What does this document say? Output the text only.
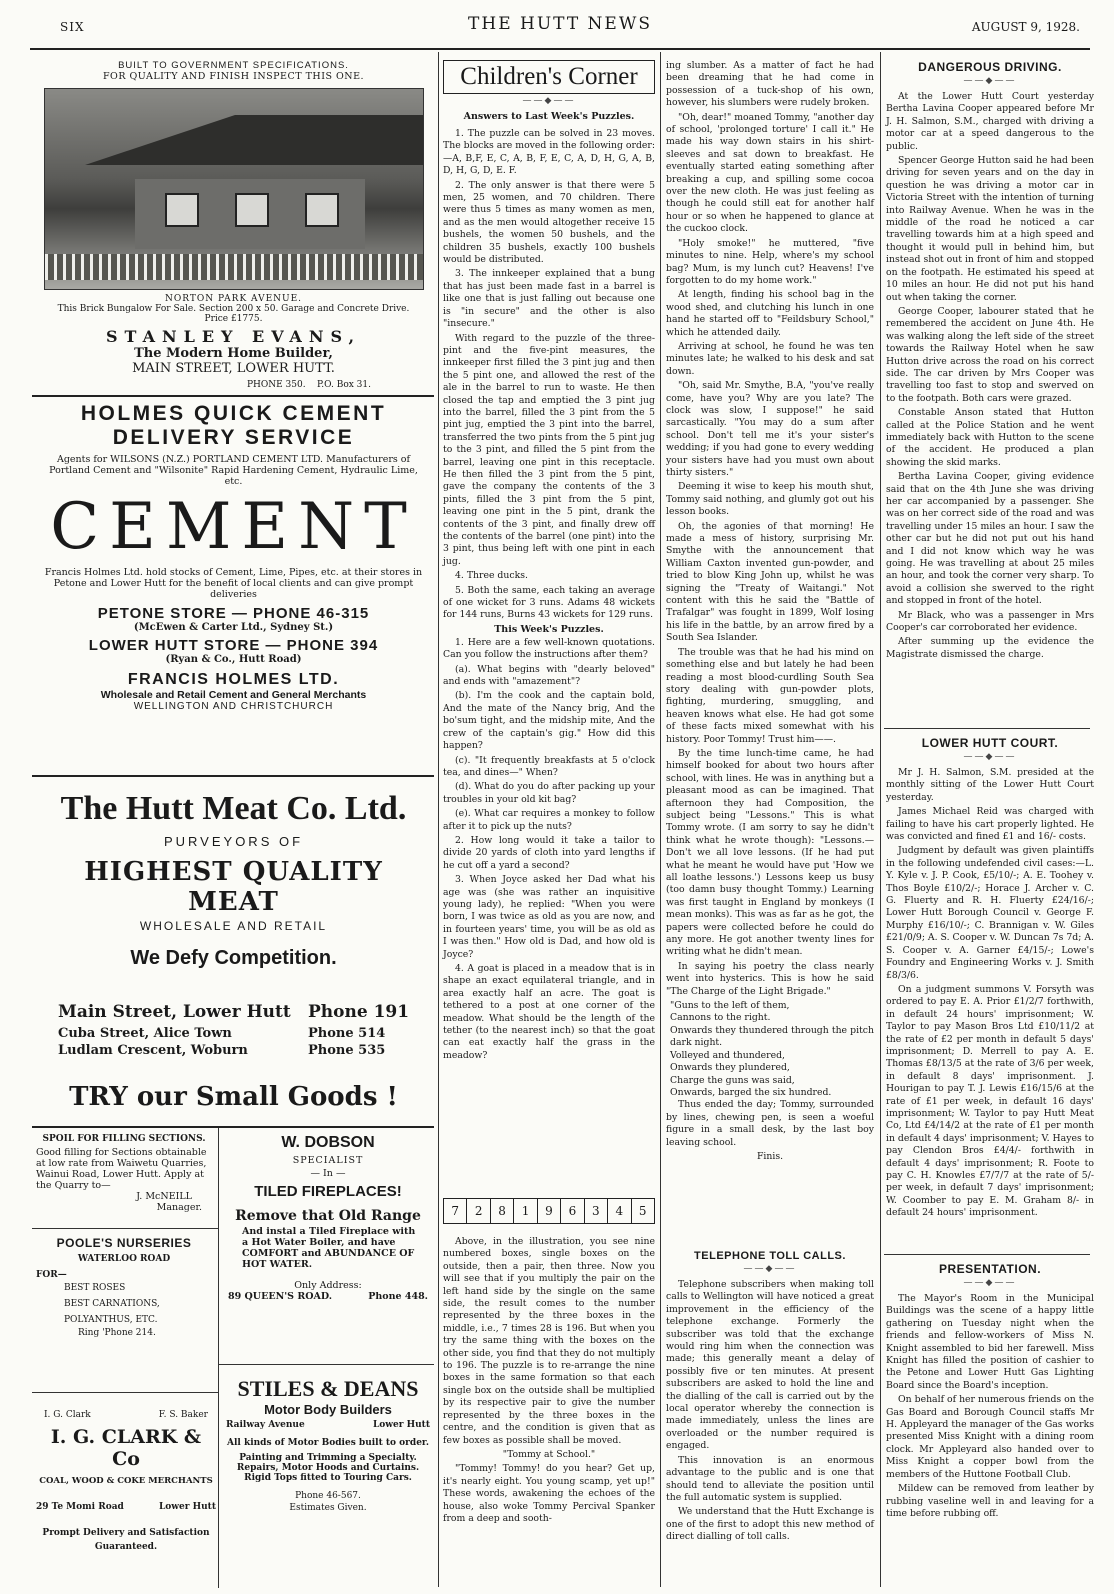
SIX	THE HUTT NEWS	AUGUST 9, 1928.
BUILT TO GOVERNMENT SPECIFICATIONS.
FOR QUALITY AND FINISH INSPECT THIS ONE.
NORTON PARK AVENUE.
This Brick Bungalow For Sale. Section 200 x 50. Garage and Concrete Drive. Price £1775.
STANLEY EVANS,
The Modern Home Builder,
MAIN STREET, LOWER HUTT.
PHONE 350. P.O. Box 31.
HOLMES QUICK CEMENT
DELIVERY SERVICE
Agents for WILSONS (N.Z.) PORTLAND CEMENT LTD. Manufacturers of Portland Cement and "Wilsonite" Rapid Hardening Cement, Hydraulic Lime, etc.
CEMENT
Francis Holmes Ltd. hold stocks of Cement, Lime, Pipes, etc. at their stores in Petone and Lower Hutt for the benefit of local clients and can give prompt deliveries
PETONE STORE — PHONE 46-315
(McEwen & Carter Ltd., Sydney St.)
LOWER HUTT STORE — PHONE 394
(Ryan & Co., Hutt Road)
FRANCIS HOLMES LTD.
Wholesale and Retail Cement and General Merchants
WELLINGTON AND CHRISTCHURCH
The Hutt Meat Co. Ltd.
PURVEYORS OF
HIGHEST QUALITY MEAT
WHOLESALE AND RETAIL
We Defy Competition.
Main Street, Lower Hutt	Phone 191
Cuba Street, Alice Town	Phone 514
Ludlam Crescent, Woburn	Phone 535
TRY our Small Goods !
SPOIL FOR FILLING SECTIONS.
Good filling for Sections obtainable at low rate from Waiwetu Quarries, Wainui Road, Lower Hutt. Apply at the Quarry to—
J. McNEILL
Manager.
POOLE'S NURSERIES
WATERLOO ROAD
FOR—
BEST ROSES
BEST CARNATIONS,
POLYANTHUS, ETC.
Ring 'Phone 214.
I. G. Clark	F. S. Baker
I. G. CLARK & Co
COAL, WOOD & COKE MERCHANTS
29 Te Momi Road	Lower Hutt
Prompt Delivery and Satisfaction
Guaranteed.
W. DOBSON
SPECIALIST
— In —
TILED FIREPLACES!
Remove that Old Range
And instal a Tiled Fireplace with a Hot Water Boiler, and have COMFORT and ABUNDANCE OF HOT WATER.
Only Address:
89 QUEEN'S ROAD.	Phone 448.
STILES & DEANS
Motor Body Builders
Railway Avenue	Lower Hutt
All kinds of Motor Bodies built to order.
Painting and Trimming a Specialty.
Repairs, Motor Hoods and Curtains. Rigid Tops fitted to Touring Cars.
Phone 46-567.
Estimates Given.
Children's Corner
——◆——
Answers to Last Week's Puzzles.

1. The puzzle can be solved in 23 moves. The blocks are moved in the following order:—A, B,F, E, C, A, B, F, E, C, A, D, H, G, A, B, D, H, G, D, E. F.

2. The only answer is that there were 5 men, 25 women, and 70 children. There were thus 5 times as many women as men, and as the men would altogether receive 15 bushels, the women 50 bushels, and the children 35 bushels, exactly 100 bushels would be distributed.

3. The innkeeper explained that a bung that has just been made fast in a barrel is like one that is just falling out because one is "in secure" and the other is also "insecure."

With regard to the puzzle of the three-pint and the five-pint measures, the innkeeper first filled the 3 pint jug and then the 5 pint one, and allowed the rest of the ale in the barrel to run to waste. He then closed the tap and emptied the 3 pint jug into the barrel, filled the 3 pint from the 5 pint jug, emptied the 3 pint into the barrel, transferred the two pints from the 5 pint jug to the 3 pint, and filled the 5 pint from the barrel, leaving one pint in this receptacle. He then filled the 3 pint from the 5 pint, gave the company the contents of the 3 pints, filled the 3 pint from the 5 pint, leaving one pint in the 5 pint, drank the contents of the 3 pint, and finally drew off the contents of the barrel (one pint) into the 3 pint, thus being left with one pint in each jug.

4. Three ducks.

5. Both the same, each taking an average of one wicket for 3 runs. Adams 48 wickets for 144 runs, Burns 43 wickets for 129 runs.

This Week's Puzzles.

1. Here are a few well-known quotations. Can you follow the instructions after them?

(a). What begins with "dearly beloved" and ends with "amazement"?

(b). I'm the cook and the captain bold, And the mate of the Nancy brig, And the bo'sum tight, and the midship mite, And the crew of the captain's gig." How did this happen?

(c). "It frequently breakfasts at 5 o'clock tea, and dines—" When?

(d). What do you do after packing up your troubles in your old kit bag?

(e). What car requires a monkey to follow after it to pick up the nuts?

2. How long would it take a tailor to divide 20 yards of cloth into yard lengths if he cut off a yard a second?

3. When Joyce asked her Dad what his age was (she was rather an inquisitive young lady), he replied: "When you were born, I was twice as old as you are now, and in fourteen years' time, you will be as old as I was then." How old is Dad, and how old is Joyce?

4. A goat is placed in a meadow that is in shape an exact equilateral triangle, and in area exactly half an acre. The goat is tethered to a post at one corner of the meadow. What should be the length of the tether (to the nearest inch) so that the goat can eat exactly half the grass in the meadow?

7	2	8	1	9	6	3	4	5

Above, in the illustration, you see nine numbered boxes, single boxes on the outside, then a pair, then three. Now you will see that if you multiply the pair on the left hand side by the single on the same side, the result comes to the number represented by the three boxes in the middle, i.e., 7 times 28 is 196. But when you try the same thing with the boxes on the other side, you find that they do not multiply to 196. The puzzle is to re-arrange the nine boxes in the same formation so that each single box on the outside shall be multiplied by its respective pair to give the number represented by the three boxes in the centre, and the condition is given that as few boxes as possible shall be moved.

"Tommy at School."

"Tommy! Tommy! do you hear? Get up, it's nearly eight. You young scamp, yet up!" These words, awakening the echoes of the house, also woke Tommy Percival Spanker from a deep and sooth-

ing slumber. As a matter of fact he had been dreaming that he had come in possession of a tuck-shop of his own, however, his slumbers were rudely broken.

"Oh, dear!" moaned Tommy, "another day of school, 'prolonged torture' I call it." He made his way down stairs in his shirt-sleeves and sat down to breakfast. He eventually started eating something after breaking a cup, and spilling some cocoa over the new cloth. He was just feeling as though he could still eat for another half hour or so when he happened to glance at the cuckoo clock.

"Holy smoke!" he muttered, "five minutes to nine. Help, where's my school bag? Mum, is my lunch cut? Heavens! I've forgotten to do my home work."

At length, finding his school bag in the wood shed, and clutching his lunch in one hand he started off to "Feildsbury School," which he attended daily.

Arriving at school, he found he was ten minutes late; he walked to his desk and sat down.

"Oh, said Mr. Smythe, B.A, "you've really come, have you? Why are you late? The clock was slow, I suppose!" he said sarcastically. "You may do a sum after school. Don't tell me it's your sister's wedding; if you had gone to every wedding your sisters have had you must own about thirty sisters."

Deeming it wise to keep his mouth shut, Tommy said nothing, and glumly got out his lesson books.

Oh, the agonies of that morning! He made a mess of history, surprising Mr. Smythe with the announcement that William Caxton invented gun-powder, and tried to blow King John up, whilst he was signing the "Treaty of Waitangi." Not content with this he said the "Battle of Trafalgar" was fought in 1899, Wolf losing his life in the battle, by an arrow fired by a South Sea Islander.

The trouble was that he had his mind on something else and but lately he had been reading a most blood-curdling South Sea story dealing with gun-powder plots, fighting, murdering, smuggling, and heaven knows what else. He had got some of these facts mixed somewhat with his history. Poor Tommy! Trust him——.

By the time lunch-time came, he had himself booked for about two hours after school, with lines. He was in anything but a pleasant mood as can be imagined. That afternoon they had Composition, the subject being "Lessons." This is what Tommy wrote. (I am sorry to say he didn't think what he wrote though): "Lessons.— Don't we all love lessons. (If he had put what he meant he would have put 'How we all loathe lessons.') Lessons keep us busy (too damn busy thought Tommy.) Learning was first taught in England by monkeys (I mean monks). This was as far as he got, the papers were collected before he could do any more. He got another twenty lines for writing what he didn't mean.

In saying his poetry the class nearly went into hysterics. This is how he said "The Charge of the Light Brigade."

"Guns to the left of them,
Cannons to the right.
Onwards they thundered through the pitch dark night.
Volleyed and thundered,
Onwards they plundered,
Charge the guns was said,
Onwards, barged the six hundred.

Thus ended the day; Tommy, surrounded by lines, chewing pen, is seen a woeful figure in a small desk, by the last boy leaving school.

Finis.
TELEPHONE TOLL CALLS.
——◆——

Telephone subscribers when making toll calls to Wellington will have noticed a great improvement in the efficiency of the telephone exchange. Formerly the subscriber was told that the exchange would ring him when the connection was made; this generally meant a delay of possibly five or ten minutes. At present subscribers are asked to hold the line and the dialling of the call is carried out by the local operator whereby the connection is made immediately, unless the lines are overloaded or the number required is engaged.

This innovation is an enormous advantage to the public and is one that should tend to alleviate the position until the full automatic system is supplied.

We understand that the Hutt Exchange is one of the first to adopt this new method of direct dialling of toll calls.

DANGEROUS DRIVING.
——◆——

At the Lower Hutt Court yesterday Bertha Lavina Cooper appeared before Mr J. H. Salmon, S.M., charged with driving a motor car at a speed dangerous to the public.

Spencer George Hutton said he had been driving for seven years and on the day in question he was driving a motor car in Victoria Street with the intention of turning into Railway Avenue. When he was in the middle of the road he noticed a car travelling towards him at a high speed and thought it would pull in behind him, but instead shot out in front of him and stopped on the footpath. He estimated his speed at 10 miles an hour. He did not put his hand out when taking the corner.

George Cooper, labourer stated that he remembered the accident on June 4th. He was walking along the left side of the street towards the Railway Hotel when he saw Hutton drive across the road on his correct side. The car driven by Mrs Cooper was travelling too fast to stop and swerved on to the footpath. Both cars were grazed.

Constable Anson stated that Hutton called at the Police Station and he went immediately back with Hutton to the scene of the accident. He produced a plan showing the skid marks.

Bertha Lavina Cooper, giving evidence said that on the 4th June she was driving her car accompanied by a passenger. She was on her correct side of the road and was travelling under 15 miles an hour. I saw the other car but he did not put out his hand and I did not know which way he was going. He was travelling at about 25 miles an hour, and took the corner very sharp. To avoid a collision she swerved to the right and stopped in front of the hotel.

Mr Black, who was a passenger in Mrs Cooper's car corroborated her evidence.

After summing up the evidence the Magistrate dismissed the charge.

LOWER HUTT COURT.
——◆——

Mr J. H. Salmon, S.M. presided at the monthly sitting of the Lower Hutt Court yesterday.

James Michael Reid was charged with failing to have his cart properly lighted. He was convicted and fined £1 and 16/- costs.

Judgment by default was given plaintiffs in the following undefended civil cases:—L. Y. Kyle v. J. P. Cook, £5/10/-; A. E. Toohey v. Thos Boyle £10/2/-; Horace J. Archer v. C. G. Fluerty and R. H. Fluerty £24/16/-; Lower Hutt Borough Council v. George F. Murphy £16/10/-; C. Brannigan v. W. Giles £21/0/9; A. S. Cooper v. W. Duncan 7s 7d; A. S. Cooper v. A. Garner £4/15/-; Lowe's Foundry and Engineering Works v. J. Smith £8/3/6.

On a judgment summons V. Forsyth was ordered to pay E. A. Prior £1/2/7 forthwith, in default 24 hours' imprisonment; W. Taylor to pay Mason Bros Ltd £10/11/2 at the rate of £2 per month in default 5 days' imprisonment; D. Merrell to pay A. E. Thomas £8/13/5 at the rate of 3/6 per week, in default 8 days' imprisonment. J. Hourigan to pay T. J. Lewis £16/15/6 at the rate of £1 per week, in default 16 days' imprisonment; W. Taylor to pay Hutt Meat Co, Ltd £4/14/2 at the rate of £1 per month in default 4 days' imprisonment; V. Hayes to pay Clendon Bros £4/4/- forthwith in default 4 days' imprisonment; R. Foote to pay C. H. Knowles £7/7/7 at the rate of 5/- per week, in default 7 days' imprisonment; W. Coomber to pay E. M. Graham 8/- in default 24 hours' imprisonment.

PRESENTATION.
——◆——

The Mayor's Room in the Municipal Buildings was the scene of a happy little gathering on Tuesday night when the friends and fellow-workers of Miss N. Knight assembled to bid her farewell. Miss Knight has filled the position of cashier to the Petone and Lower Hutt Gas Lighting Board since the Board's inception.

On behalf of her numerous friends on the Gas Board and Borough Council staffs Mr H. Appleyard the manager of the Gas works presented Miss Knight with a dining room clock. Mr Appleyard also handed over to Miss Knight a copper bowl from the members of the Huttone Football Club.

Mildew can be removed from leather by rubbing vaseline well in and leaving for a time before rubbing off.
